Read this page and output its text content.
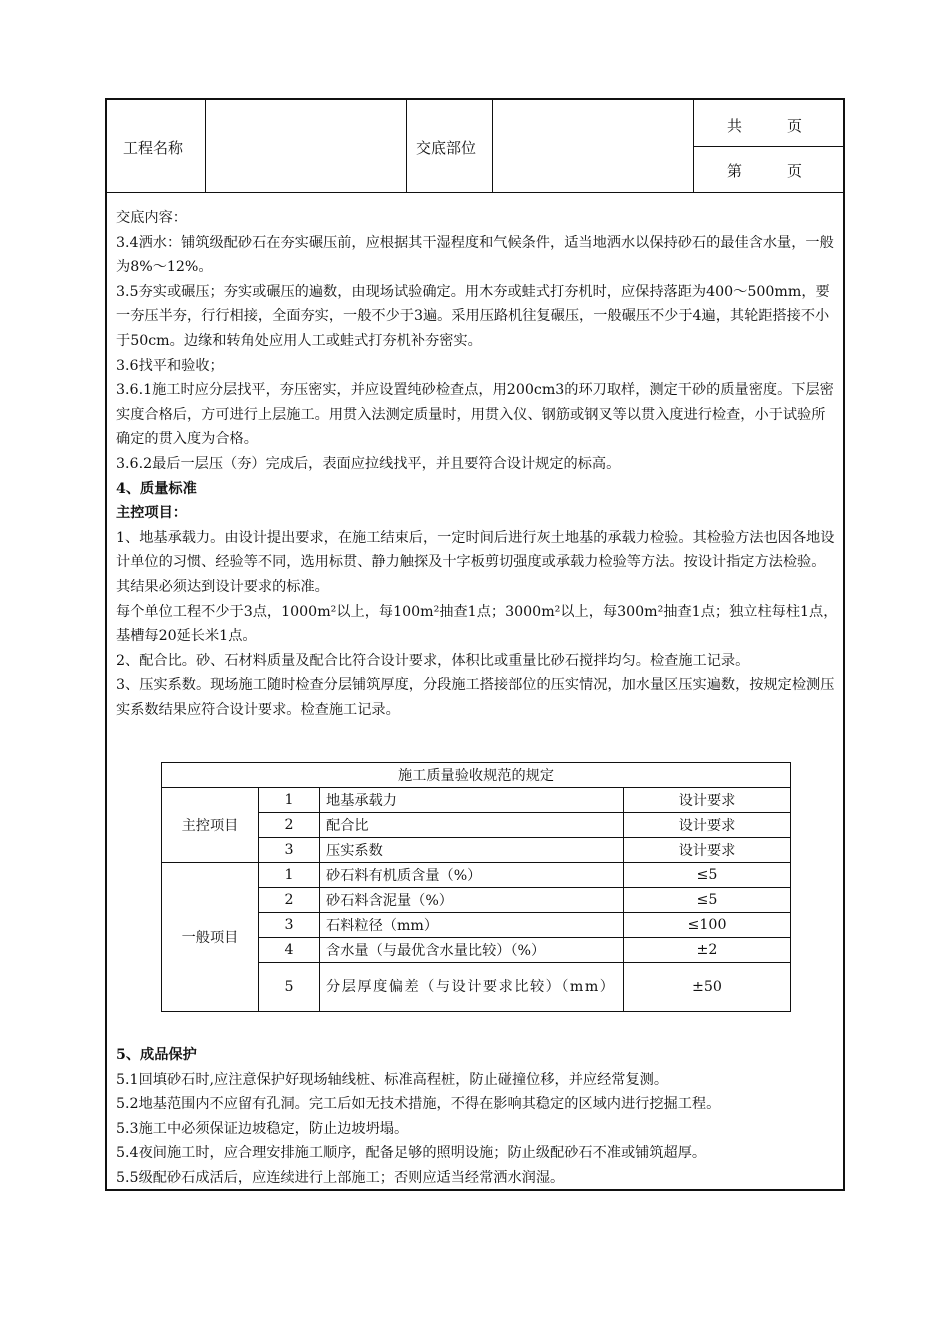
工程名称	交底部位
共　　　页
第　　　页

交底内容：

3.4洒水：铺筑级配砂石在夯实碾压前，应根据其干湿程度和气候条件，适当地洒水以保持砂石的最佳含水量，一般为8%～12%。

3.5夯实或碾压；夯实或碾压的遍数，由现场试验确定。用木夯或蛙式打夯机时，应保持落距为400～500mm，要一夯压半夯，行行相接，全面夯实，一般不少于3遍。采用压路机往复碾压，一般碾压不少于4遍，其轮距搭接不小于50cm。边缘和转角处应用人工或蛙式打夯机补夯密实。

3.6找平和验收；

3.6.1施工时应分层找平，夯压密实，并应设置纯砂检查点，用200cm3的环刀取样，测定干砂的质量密度。下层密实度合格后，方可进行上层施工。用贯入法测定质量时，用贯入仪、钢筋或钢叉等以贯入度进行检查，小于试验所确定的贯入度为合格。

3.6.2最后一层压（夯）完成后，表面应拉线找平，并且要符合设计规定的标高。

4、质量标准

主控项目：

1、地基承载力。由设计提出要求，在施工结束后，一定时间后进行灰土地基的承载力检验。其检验方法也因各地设计单位的习惯、经验等不同，选用标贯、静力触探及十字板剪切强度或承载力检验等方法。按设计指定方法检验。其结果必须达到设计要求的标准。

每个单位工程不少于3点，1000m²以上，每100m²抽查1点；3000m²以上，每300m²抽查1点；独立柱每柱1点，基槽每20延长米1点。

2、配合比。砂、石材料质量及配合比符合设计要求，体积比或重量比砂石搅拌均匀。检查施工记录。

3、压实系数。现场施工随时检查分层铺筑厚度，分段施工搭接部位的压实情况，加水量区压实遍数，按规定检测压实系数结果应符合设计要求。检查施工记录。

施工质量验收规范的规定			
主控项目	1	地基承载力	设计要求
	2	配合比	设计要求
	3	压实系数	设计要求
一般项目	1	砂石料有机质含量（%）	≤5
	2	砂石料含泥量（%）	≤5
	3	石料粒径（mm）	≤100
	4	含水量（与最优含水量比较）（%）	±2
	5	分层厚度偏差（与设计要求比较）（mm）	±50

5、成品保护

5.1回填砂石时,应注意保护好现场轴线桩、标准高程桩，防止碰撞位移，并应经常复测。

5.2地基范围内不应留有孔洞。完工后如无技术措施，不得在影响其稳定的区域内进行挖掘工程。

5.3施工中必须保证边坡稳定，防止边坡坍塌。

5.4夜间施工时，应合理安排施工顺序，配备足够的照明设施；防止级配砂石不准或铺筑超厚。

5.5级配砂石成活后，应连续进行上部施工；否则应适当经常洒水润湿。
